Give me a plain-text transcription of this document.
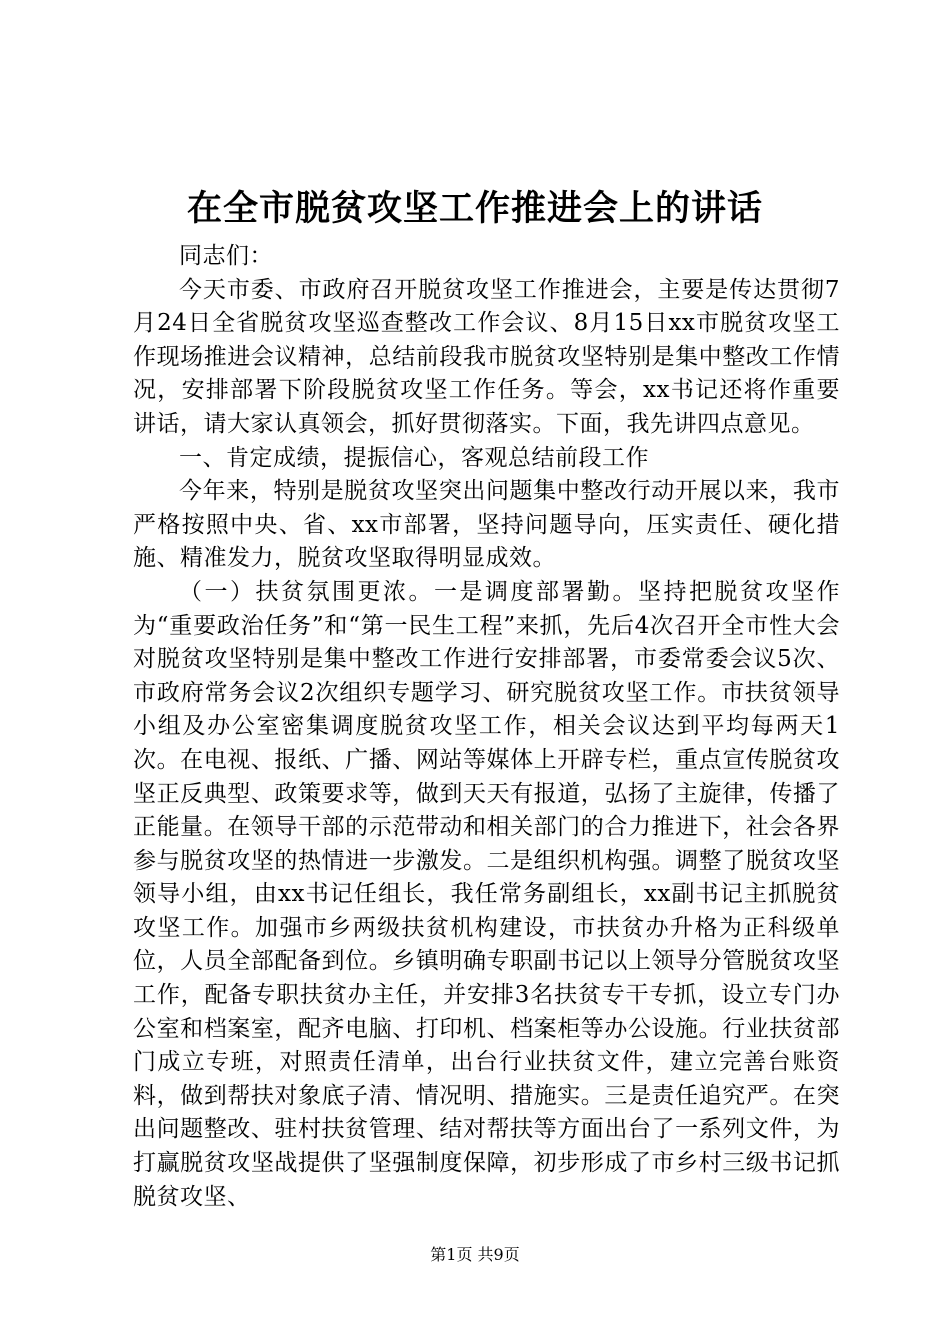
在全市脱贫攻坚工作推进会上的讲话

同志们：

今天市委、市政府召开脱贫攻坚工作推进会，主要是传达贯彻7月24日全省脱贫攻坚巡查整改工作会议、8月15日xx市脱贫攻坚工作现场推进会议精神，总结前段我市脱贫攻坚特别是集中整改工作情况，安排部署下阶段脱贫攻坚工作任务。等会，xx书记还将作重要讲话，请大家认真领会，抓好贯彻落实。下面，我先讲四点意见。

一、肯定成绩，提振信心，客观总结前段工作

今年来，特别是脱贫攻坚突出问题集中整改行动开展以来，我市严格按照中央、省、xx市部署，坚持问题导向，压实责任、硬化措施、精准发力，脱贫攻坚取得明显成效。

（一）扶贫氛围更浓。一是调度部署勤。坚持把脱贫攻坚作为“重要政治任务”和“第一民生工程”来抓，先后4次召开全市性大会对脱贫攻坚特别是集中整改工作进行安排部署，市委常委会议5次、市政府常务会议2次组织专题学习、研究脱贫攻坚工作。市扶贫领导小组及办公室密集调度脱贫攻坚工作，相关会议达到平均每两天1次。在电视、报纸、广播、网站等媒体上开辟专栏，重点宣传脱贫攻坚正反典型、政策要求等，做到天天有报道，弘扬了主旋律，传播了正能量。在领导干部的示范带动和相关部门的合力推进下，社会各界参与脱贫攻坚的热情进一步激发。二是组织机构强。调整了脱贫攻坚领导小组，由xx书记任组长，我任常务副组长，xx副书记主抓脱贫攻坚工作。加强市乡两级扶贫机构建设，市扶贫办升格为正科级单位，人员全部配备到位。乡镇明确专职副书记以上领导分管脱贫攻坚工作，配备专职扶贫办主任，并安排3名扶贫专干专抓，设立专门办公室和档案室，配齐电脑、打印机、档案柜等办公设施。行业扶贫部门成立专班，对照责任清单，出台行业扶贫文件，建立完善台账资料，做到帮扶对象底子清、情况明、措施实。三是责任追究严。在突出问题整改、驻村扶贫管理、结对帮扶等方面出台了一系列文件，为打赢脱贫攻坚战提供了坚强制度保障，初步形成了市乡村三级书记抓脱贫攻坚、

第1页 共9页
